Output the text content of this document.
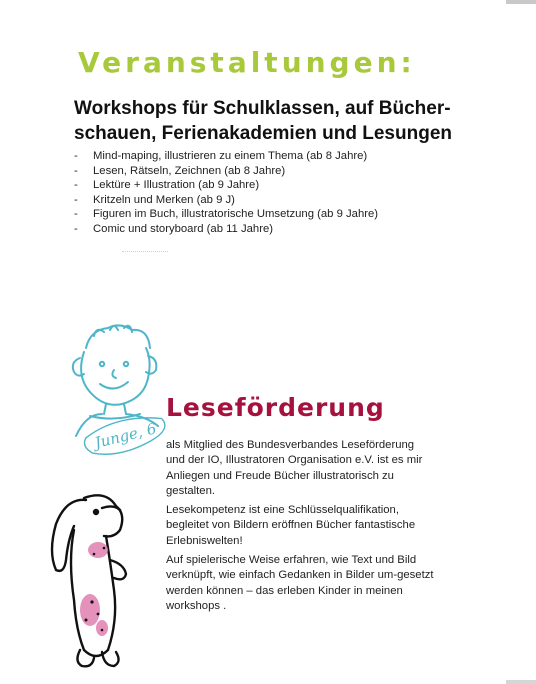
Veranstaltungen:
Workshops für Schulklassen, auf Bücher-schauen, Ferienakademien und Lesungen
- Mind-maping, illustrieren zu einem Thema (ab 8 Jahre)
- Lesen, Rätseln, Zeichnen (ab 8 Jahre)
- Lektüre + Illustration (ab 9 Jahre)
- Kritzeln und Merken (ab 9 J)
- Figuren im Buch, illustratorische Umsetzung (ab 9 Jahre)
- Comic und storyboard (ab 11 Jahre)
Junge, 6
Leseförderung

als Mitglied des Bundesverbandes Leseförderung und der IO, Illustratoren Organisation e.V. ist es mir Anliegen und Freude Bücher illustratorisch zu gestalten.

Lesekompetenz ist eine Schlüsselqualifikation, begleitet von Bildern eröffnen Bücher fantastische Erlebniswelten!

Auf spielerische Weise erfahren, wie Text und Bild verknüpft, wie einfach Gedanken in Bilder um-gesetzt werden können – das erleben Kinder in meinen workshops .
